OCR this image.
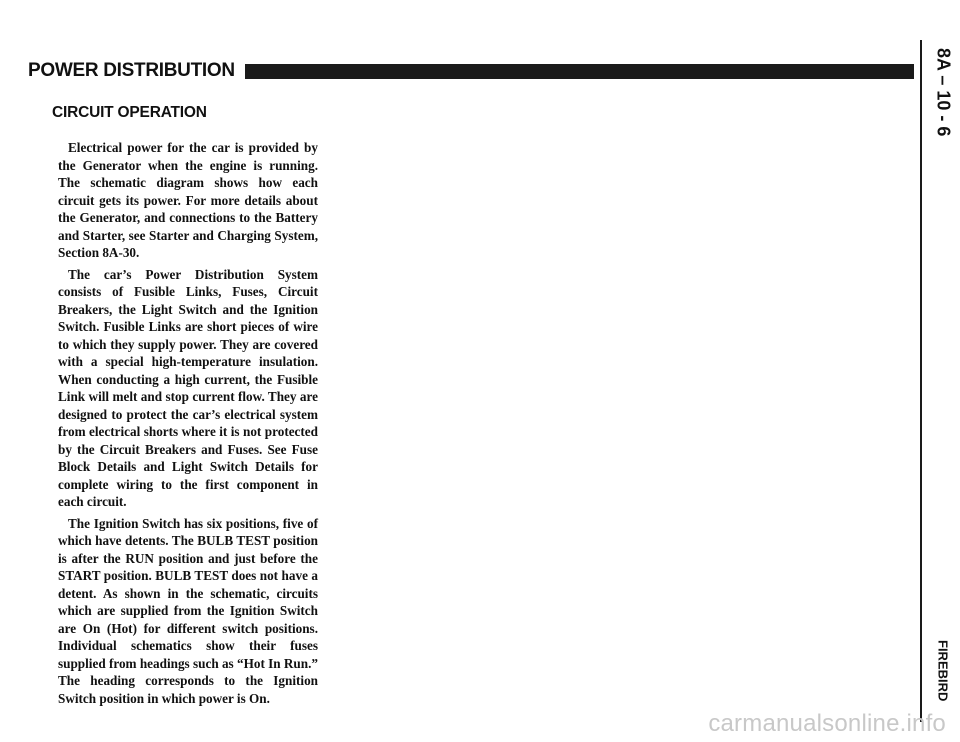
POWER DISTRIBUTION
CIRCUIT OPERATION

Electrical power for the car is provided by the Generator when the engine is running. The schematic diagram shows how each circuit gets its power. For more details about the Generator, and connections to the Battery and Starter, see Starter and Charging System, Section 8A-30.

The car’s Power Distribution System consists of Fusible Links, Fuses, Circuit Breakers, the Light Switch and the Ignition Switch. Fusible Links are short pieces of wire to which they supply power. They are covered with a special high-temperature insulation. When conducting a high current, the Fusible Link will melt and stop current flow. They are designed to protect the car’s electrical system from electrical shorts where it is not protected by the Circuit Breakers and Fuses. See Fuse Block Details and Light Switch Details for complete wiring to the first component in each circuit.

The Ignition Switch has six positions, five of which have detents. The BULB TEST position is after the RUN position and just before the START position. BULB TEST does not have a detent. As shown in the schematic, circuits which are supplied from the Ignition Switch are On (Hot) for different switch positions. Individual schematics show their fuses supplied from headings such as “Hot In Run.” The heading corresponds to the Ignition Switch position in which power is On.

8A – 10 - 6
FIREBIRD
carmanualsonline.info
